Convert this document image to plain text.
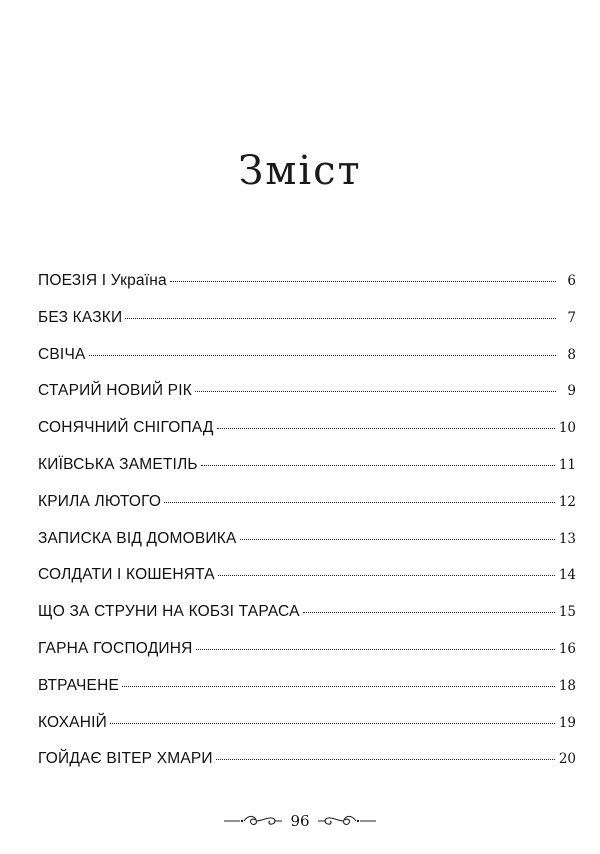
Зміст
ПОЕЗІЯ І Україна	6
БЕЗ КАЗКИ	7
СВІЧА	8
СТАРИЙ НОВИЙ РІК	9
СОНЯЧНИЙ СНІГОПАД	10
КИЇВСЬКА ЗАМЕТІЛЬ	11
КРИЛА ЛЮТОГО	12
ЗАПИСКА ВІД ДОМОВИКА	13
СОЛДАТИ І КОШЕНЯТА	14
ЩО ЗА СТРУНИ НА КОБЗІ ТАРАСА	15
ГАРНА ГОСПОДИНЯ	16
ВТРАЧЕНЕ	18
КОХАНІЙ	19
ГОЙДАЄ ВІТЕР ХМАРИ	20
96
